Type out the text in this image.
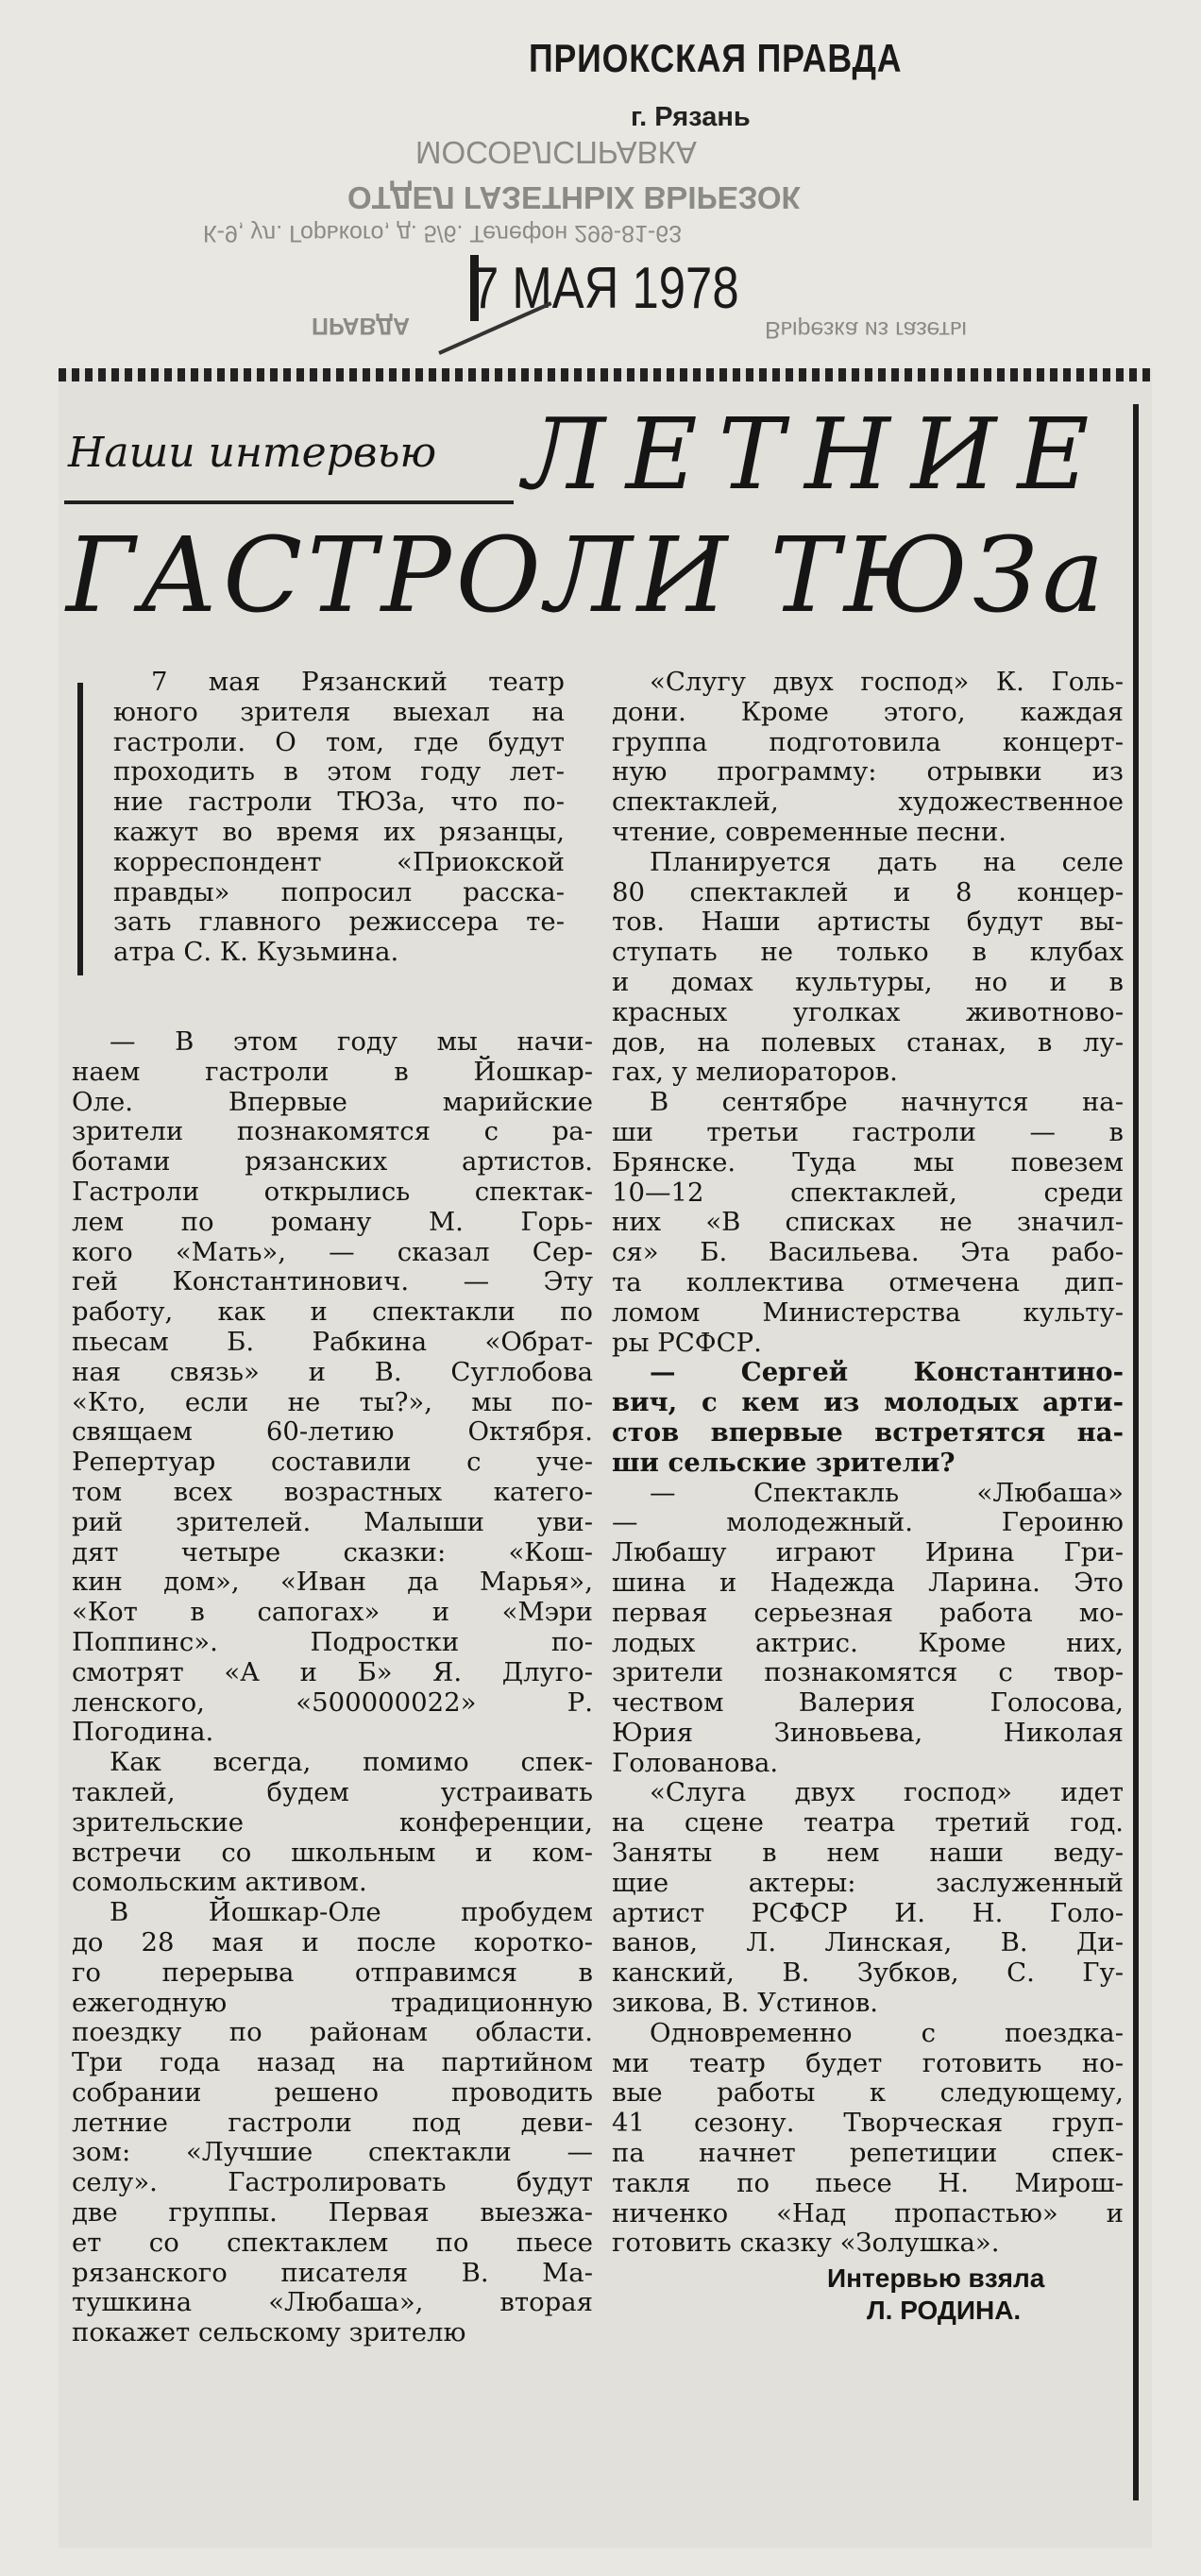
ПРИОКСКАЯ ПРАВДА
г. Рязань
МОСОБЛСПРАВКА
ОТДЕЛ ГАЗЕТНЫХ ВЫРЕЗОК
К-9, ул. Горького, д. 5/6. Телефон 299-81-63
ПРАВДА	Вырезка из газеты
7 МАЯ 1978
Наши интервью ЛЕТНИЕ
ГАСТРОЛИ ТЮЗа

7 мая Рязанский театр

юного зрителя выехал на

гастроли. О том, где будут

проходить в этом году лет-

ние гастроли ТЮЗа, что по-

кажут во время их рязанцы,

корреспондент «Приокской

правды» попросил расска-

зать главного режиссера те-

атра С. К. Кузьмина.

— В этом году мы начи-

наем гастроли в Йошкар-

Оле. Впервые марийские

зрители познакомятся с ра-

ботами рязанских артистов.

Гастроли открылись спектак-

лем по роману М. Горь-

кого «Мать», — сказал Сер-

гей Константинович. — Эту

работу, как и спектакли по

пьесам Б. Рабкина «Обрат-

ная связь» и В. Суглобова

«Кто, если не ты?», мы по-

свящаем 60-летию Октября.

Репертуар составили с уче-

том всех возрастных катего-

рий зрителей. Малыши уви-

дят четыре сказки: «Кош-

кин дом», «Иван да Марья»,

«Кот в сапогах» и «Мэри

Поппинс». Подростки по-

смотрят «А и Б» Я. Длуго-

ленского, «500000022» Р.

Погодина.

Как всегда, помимо спек-

таклей, будем устраивать

зрительские конференции,

встречи со школьным и ком-

сомольским активом.

В Йошкар-Оле пробудем

до 28 мая и после коротко-

го перерыва отправимся в

ежегодную традиционную

поездку по районам области.

Три года назад на партийном

собрании решено проводить

летние гастроли под деви-

зом: «Лучшие спектакли —

селу». Гастролировать будут

две группы. Первая выезжа-

ет со спектаклем по пьесе

рязанского писателя В. Ма-

тушкина «Любаша», вторая

покажет сельскому зрителю

«Слугу двух господ» К. Голь-

дони. Кроме этого, каждая

группа подготовила концерт-

ную программу: отрывки из

спектаклей, художественное

чтение, современные песни.

Планируется дать на селе

80 спектаклей и 8 концер-

тов. Наши артисты будут вы-

ступать не только в клубах

и домах культуры, но и в

красных уголках животново-

дов, на полевых станах, в лу-

гах, у мелиораторов.

В сентябре начнутся на-

ши третьи гастроли — в

Брянске. Туда мы повезем

10—12 спектаклей, среди

них «В списках не значил-

ся» Б. Васильева. Эта рабо-

та коллектива отмечена дип-

ломом Министерства культу-

ры РСФСР.

— Сергей Константино-

вич, с кем из молодых арти-

стов впервые встретятся на-

ши сельские зрители?

— Спектакль «Любаша»

— молодежный. Героиню

Любашу играют Ирина Гри-

шина и Надежда Ларина. Это

первая серьезная работа мо-

лодых актрис. Кроме них,

зрители познакомятся с твор-

чеством Валерия Голосова,

Юрия Зиновьева, Николая

Голованова.

«Слуга двух господ» идет

на сцене театра третий год.

Заняты в нем наши веду-

щие актеры: заслуженный

артист РСФСР И. Н. Голо-

ванов, Л. Линская, В. Ди-

канский, В. Зубков, С. Гу-

зикова, В. Устинов.

Одновременно с поездка-

ми театр будет готовить но-

вые работы к следующему,

41 сезону. Творческая груп-

па начнет репетиции спек-

такля по пьесе Н. Мирош-

ниченко «Над пропастью» и

готовить сказку «Золушка».

Интервью взяла
Л. РОДИНА.
